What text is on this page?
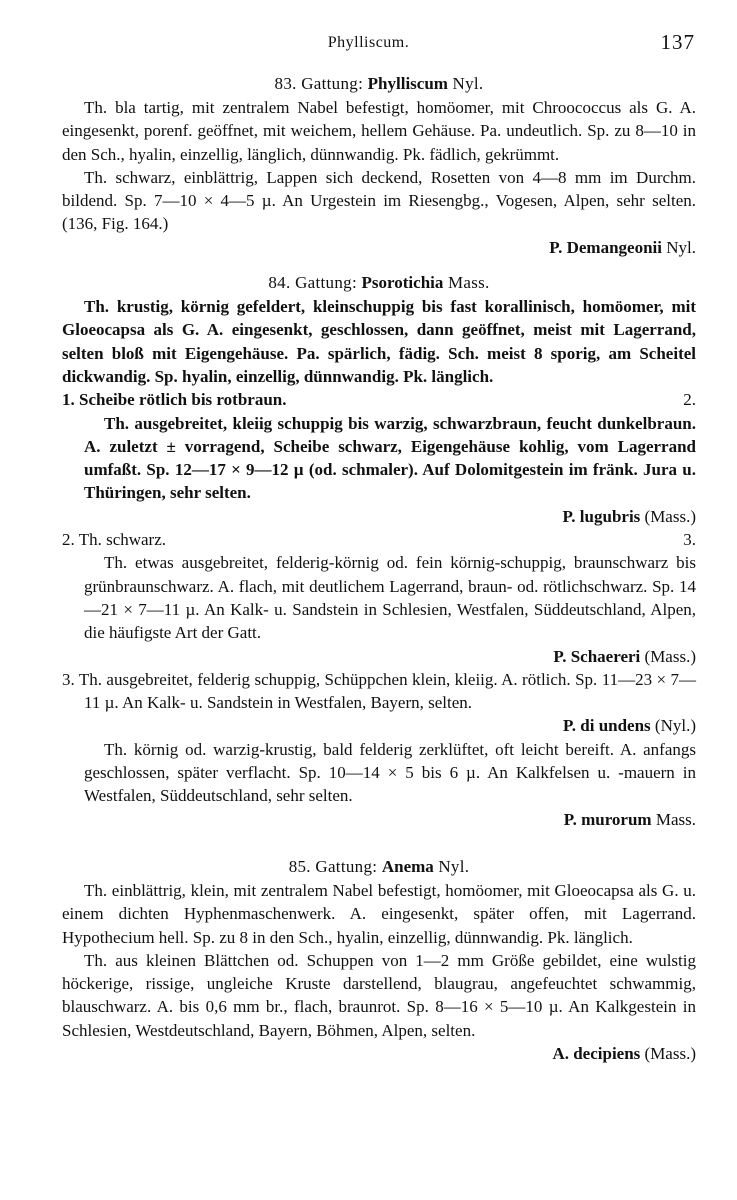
Phylliscum.	137
83. Gattung: Phylliscum Nyl.

Th. bla tartig, mit zentralem Nabel befestigt, homöomer, mit Chroococcus als G. A. eingesenkt, porenf. geöffnet, mit weichem, hellem Gehäuse. Pa. undeutlich. Sp. zu 8—10 in den Sch., hyalin, einzellig, länglich, dünnwandig. Pk. fädlich, gekrümmt.

Th. schwarz, einblättrig, Lappen sich deckend, Rosetten von 4—8 mm im Durchm. bildend. Sp. 7—10 × 4—5 µ. An Urgestein im Riesengbg., Vogesen, Alpen, sehr selten. (136, Fig. 164.)

P. Demangeonii Nyl.
84. Gattung: Psorotichia Mass.

Th. krustig, körnig gefeldert, kleinschuppig bis fast korallinisch, homöomer, mit Gloeocapsa als G. A. eingesenkt, geschlossen, dann geöffnet, meist mit Lagerrand, selten bloß mit Eigengehäuse. Pa. spärlich, fädig. Sch. meist 8 sporig, am Scheitel dickwandig. Sp. hyalin, einzellig, dünnwandig. Pk. länglich.

1. Scheibe rötlich bis rotbraun.	2.

Th. ausgebreitet, kleiig schuppig bis warzig, schwarzbraun, feucht dunkelbraun. A. zuletzt ± vorragend, Scheibe schwarz, Eigengehäuse kohlig, vom Lagerrand umfaßt. Sp. 12—17 × 9—12 µ (od. schmaler). Auf Dolomitgestein im fränk. Jura u. Thüringen, sehr selten.

P. lugubris (Mass.)
2. Th. schwarz.	3.

Th. etwas ausgebreitet, felderig-körnig od. fein körnig-schuppig, braunschwarz bis grünbraunschwarz. A. flach, mit deutlichem Lagerrand, braun- od. rötlichschwarz. Sp. 14—21 × 7—11 µ. An Kalk- u. Sandstein in Schlesien, Westfalen, Süddeutschland, Alpen, die häufigste Art der Gatt.

P. Schaereri (Mass.)

3. Th. ausgebreitet, felderig schuppig, Schüppchen klein, kleiig. A. rötlich. Sp. 11—23 × 7—11 µ. An Kalk- u. Sandstein in Westfalen, Bayern, selten.

P. di undens (Nyl.)

Th. körnig od. warzig-krustig, bald felderig zerklüftet, oft leicht bereift. A. anfangs geschlossen, später verflacht. Sp. 10—14 × 5 bis 6 µ. An Kalkfelsen u. -mauern in Westfalen, Süddeutschland, sehr selten.

P. murorum Mass.
85. Gattung: Anema Nyl.

Th. einblättrig, klein, mit zentralem Nabel befestigt, homöomer, mit Gloeocapsa als G. u. einem dichten Hyphenmaschenwerk. A. eingesenkt, später offen, mit Lagerrand. Hypothecium hell. Sp. zu 8 in den Sch., hyalin, einzellig, dünnwandig. Pk. länglich.

Th. aus kleinen Blättchen od. Schuppen von 1—2 mm Größe gebildet, eine wulstig höckerige, rissige, ungleiche Kruste darstellend, blaugrau, angefeuchtet schwammig, blauschwarz. A. bis 0,6 mm br., flach, braunrot. Sp. 8—16 × 5—10 µ. An Kalkgestein in Schlesien, Westdeutschland, Bayern, Böhmen, Alpen, selten.

A. decipiens (Mass.)
